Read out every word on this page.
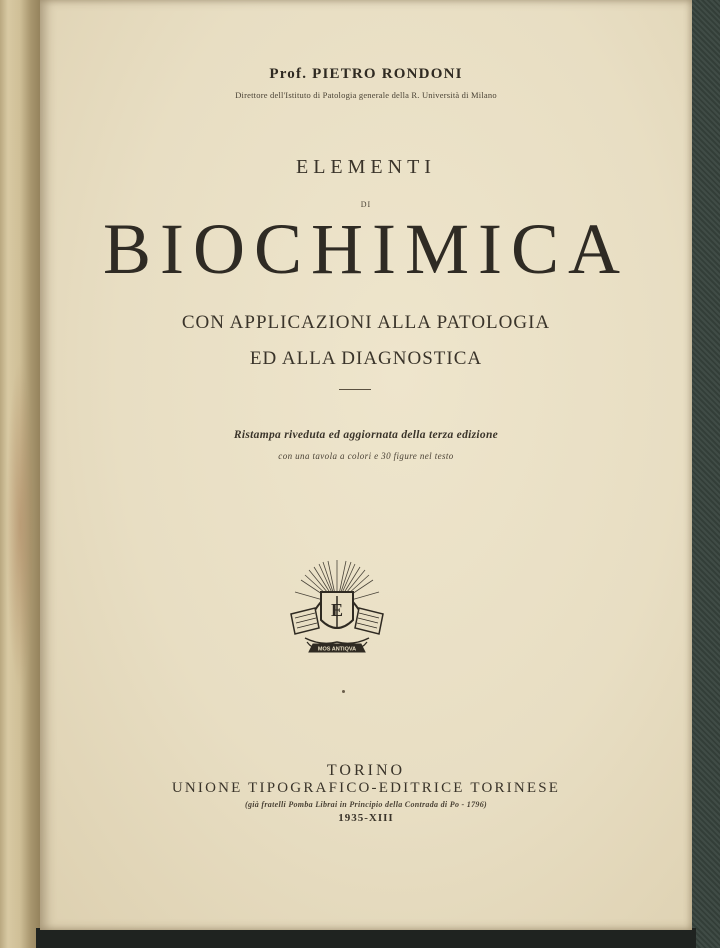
Prof. PIETRO RONDONI
Direttore dell'Istituto di Patologia generale della R. Università di Milano
ELEMENTI
DI
BIOCHIMICA
CON APPLICAZIONI ALLA PATOLOGIA
ED ALLA DIAGNOSTICA
Ristampa riveduta ed aggiornata della terza edizione
con una tavola a colori e 30 figure nel testo
E
MOS ANTIQVA
TORINO
UNIONE TIPOGRAFICO-EDITRICE TORINESE
(già fratelli Pomba Librai in Principio della Contrada di Po - 1796)
1935-XIII
